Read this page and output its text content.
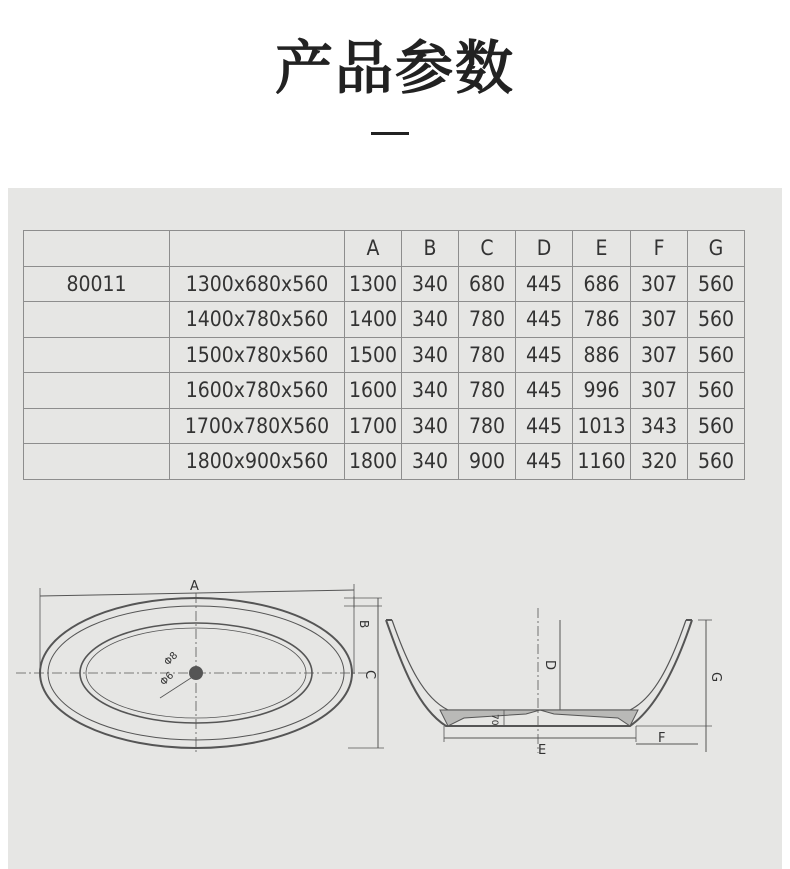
产品参数
		A	B	C	D	E	F	G
80011	1300x680x560	1300	340	680	445	686	307	560
	1400x780x560	1400	340	780	445	786	307	560
	1500x780x560	1500	340	780	445	886	307	560
	1600x780x560	1600	340	780	445	996	307	560
	1700x780X560	1700	340	780	445	1013	343	560
	1800x900x560	1800	340	900	445	1160	320	560
A
Φ8
Φ6
B
C
D
70
E
F
G
